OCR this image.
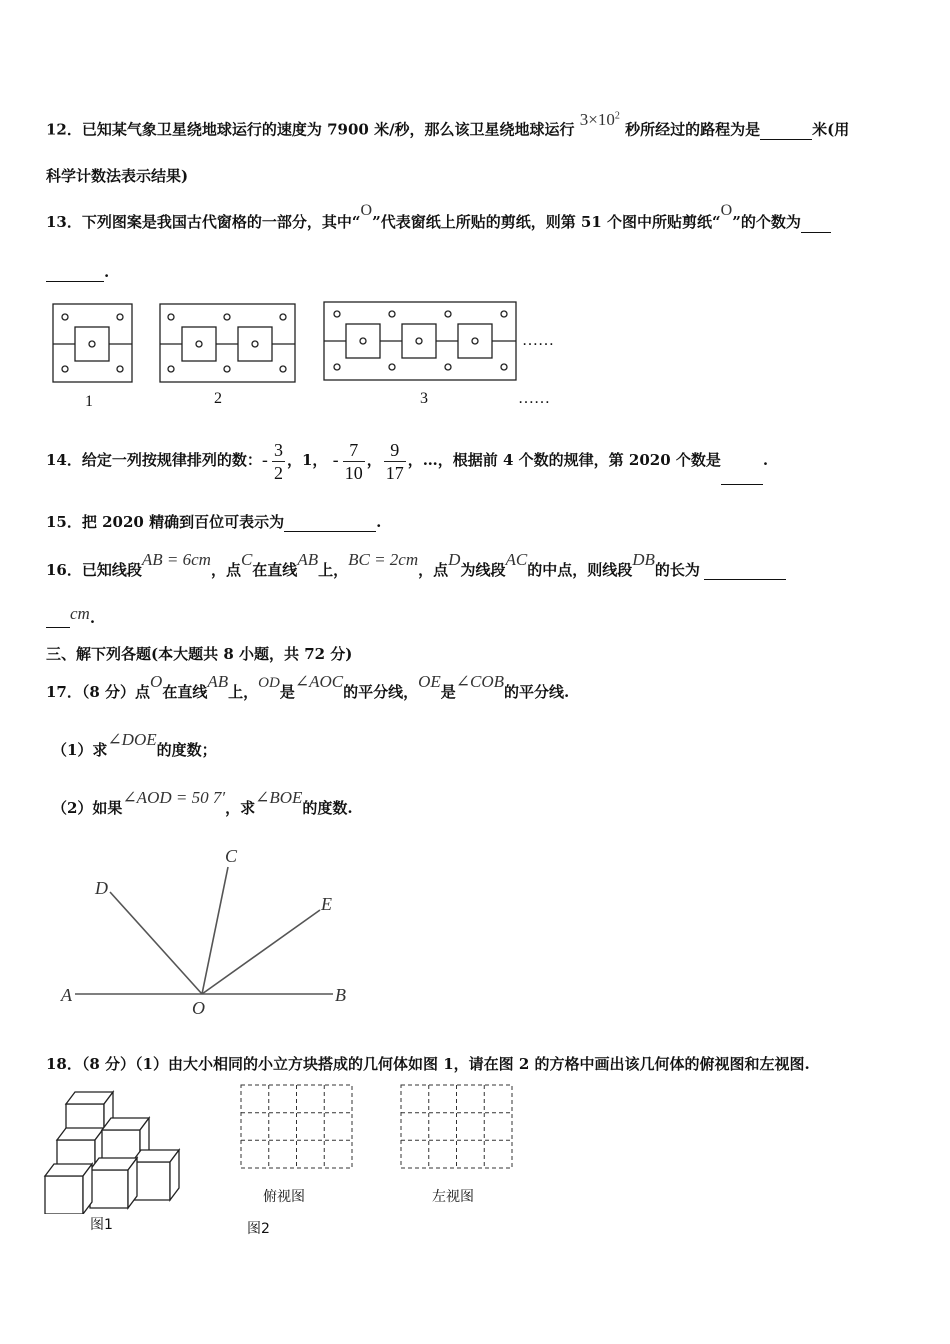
12．已知某气象卫星绕地球运行的速度为 7900 米/秒，那么该卫星绕地球运行 $3\times 10^2$ 秒所经过的路程为是	米(用
科学计数法表示结果)
13．下列图案是我国古代窗格的一部分，其中“O”代表窗纸上所贴的剪纸，则第 51 个图中所贴剪纸“O”的个数为
.
1	2	3
……
……
14．给定一列按规律排列的数：- $\frac{3}{2}$ ，1， - $\frac{7}{10}$ ， $\frac{9}{17}$ ，…，根据前 4 个数的规律，第 2020 个数是	.
15．把 2020 精确到百位可表示为	.
16．已知线段AB = 6cm，点C在直线AB上，BC = 2cm，点D为线段AC的中点，则线段DB的长为
cm.
三、解下列各题(本大题共 8 小题，共 72 分)
17．（8 分）点O在直线AB上，OD是∠AOC的平分线，OE是∠COB的平分线.
（1）求∠DOE的度数；
（2）如果∠AOD = 50 7′，求∠BOE的度数.
A	B
C
D
E
O
18．（8 分）（1）由大小相同的小立方块搭成的几何体如图 1，请在图 2 的方格中画出该几何体的俯视图和左视图.
图1	图2
俯视图	左视图
